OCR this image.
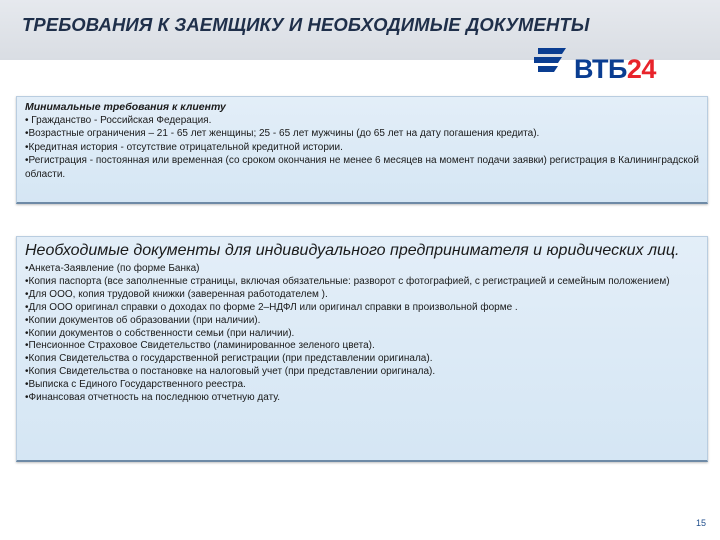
ТРЕБОВАНИЯ К ЗАЕМЩИКУ И НЕОБХОДИМЫЕ ДОКУМЕНТЫ
ВТБ24
Минимальные требования к клиенту
• Гражданство - Российская Федерация.
•Возрастные ограничения – 21 - 65 лет женщины; 25 - 65 лет мужчины (до 65 лет на дату погашения кредита).
•Кредитная история - отсутствие отрицательной кредитной истории.
•Регистрация - постоянная или временная (со сроком окончания не менее 6 месяцев на момент подачи заявки) регистрация в Калининградской области.
Необходимые документы для индивидуального предпринимателя и юридических лиц.
•Анкета-Заявление (по форме Банка)
•Копия паспорта (все заполненные страницы, включая обязательные: разворот с фотографией, с регистрацией и семейным положением)
•Для ООО, копия трудовой книжки (заверенная работодателем ).
•Для ООО оригинал справки о доходах по форме 2–НДФЛ или оригинал справки в произвольной форме .
•Копии документов об образовании (при наличии).
•Копии документов о собственности семьи (при наличии).
•Пенсионное Страховое Свидетельство (ламинированное зеленого цвета).
•Копия Свидетельства о государственной регистрации (при представлении оригинала).
•Копия Свидетельства о постановке на налоговый учет (при представлении оригинала).
•Выписка с Единого Государственного реестра.
•Финансовая отчетность на последнюю отчетную дату.
15
